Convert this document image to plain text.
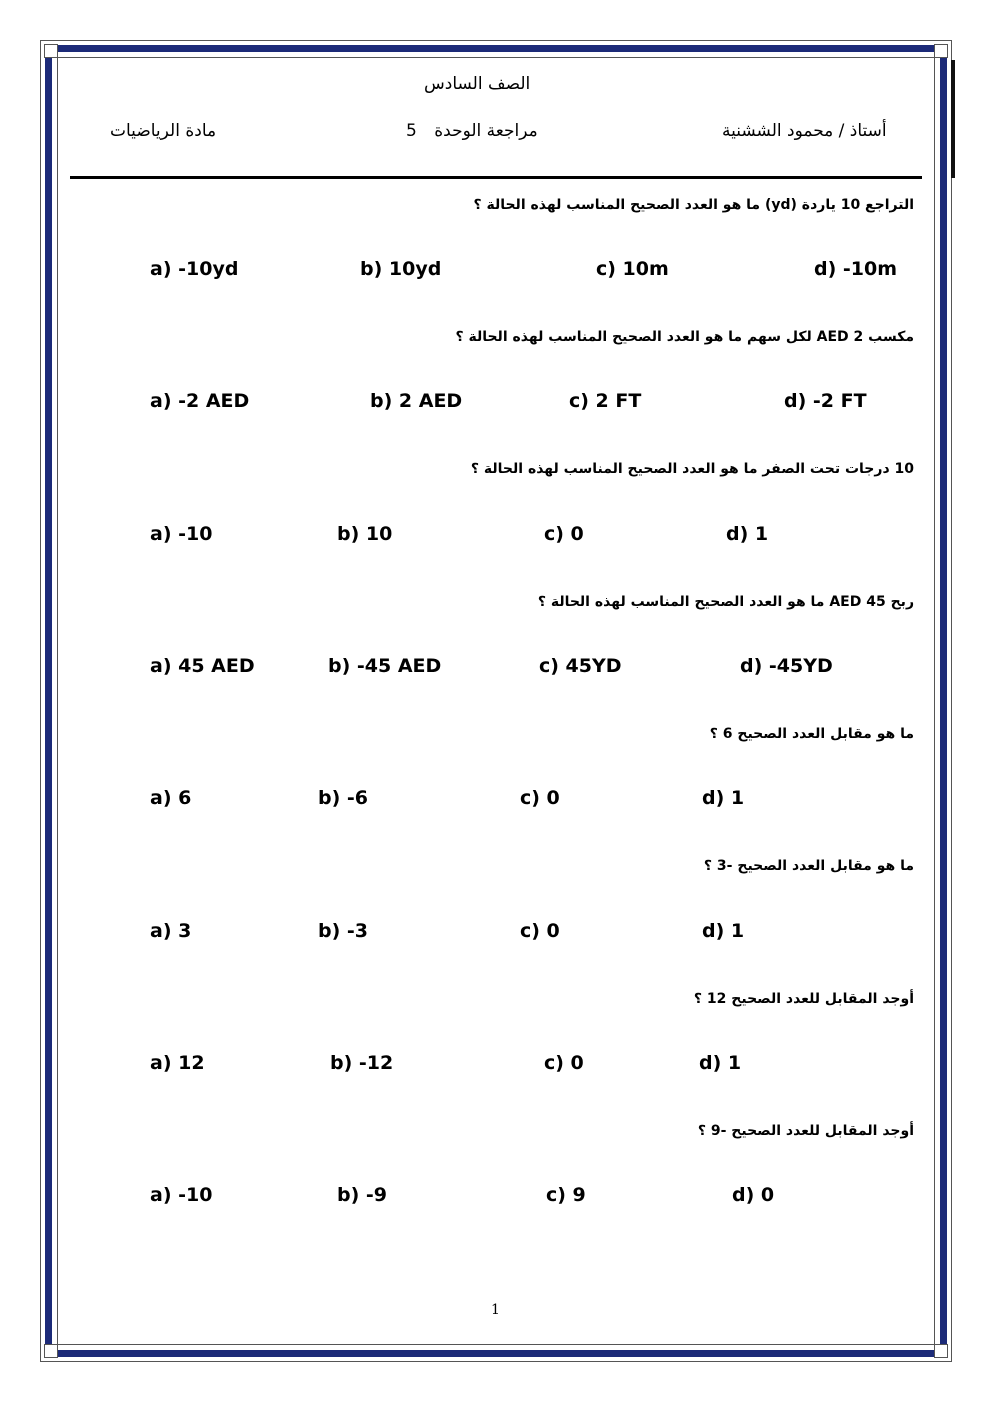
الصف السادس
أستاذ / محمود الششنية
مراجعة الوحدة 5
مادة الرياضيات
التراجع 10 ياردة (yd) ما هو العدد الصحيح المناسب لهذه الحالة ؟
a) -10yd	b) 10yd	c) 10m	d) -10m
مكسب AED 2 لكل سهم ما هو العدد الصحيح المناسب لهذه الحالة ؟
a) -2 AED	b) 2 AED	c) 2 FT	d) -2 FT
10 درجات تحت الصفر ما هو العدد الصحيح المناسب لهذه الحالة ؟
a) -10	b) 10	c) 0	d) 1
ربح AED 45 ما هو العدد الصحيح المناسب لهذه الحالة ؟
a) 45 AED	b) -45 AED	c) 45YD	d) -45YD
ما هو مقابل العدد الصحيح 6 ؟
a) 6	b) -6	c) 0	d) 1
ما هو مقابل العدد الصحيح -3 ؟
a) 3	b) -3	c) 0	d) 1
أوجد المقابل للعدد الصحيح 12 ؟
a) 12	b) -12	c) 0	d) 1
أوجد المقابل للعدد الصحيح -9 ؟
a) -10	b) -9	c) 9	d) 0
1
